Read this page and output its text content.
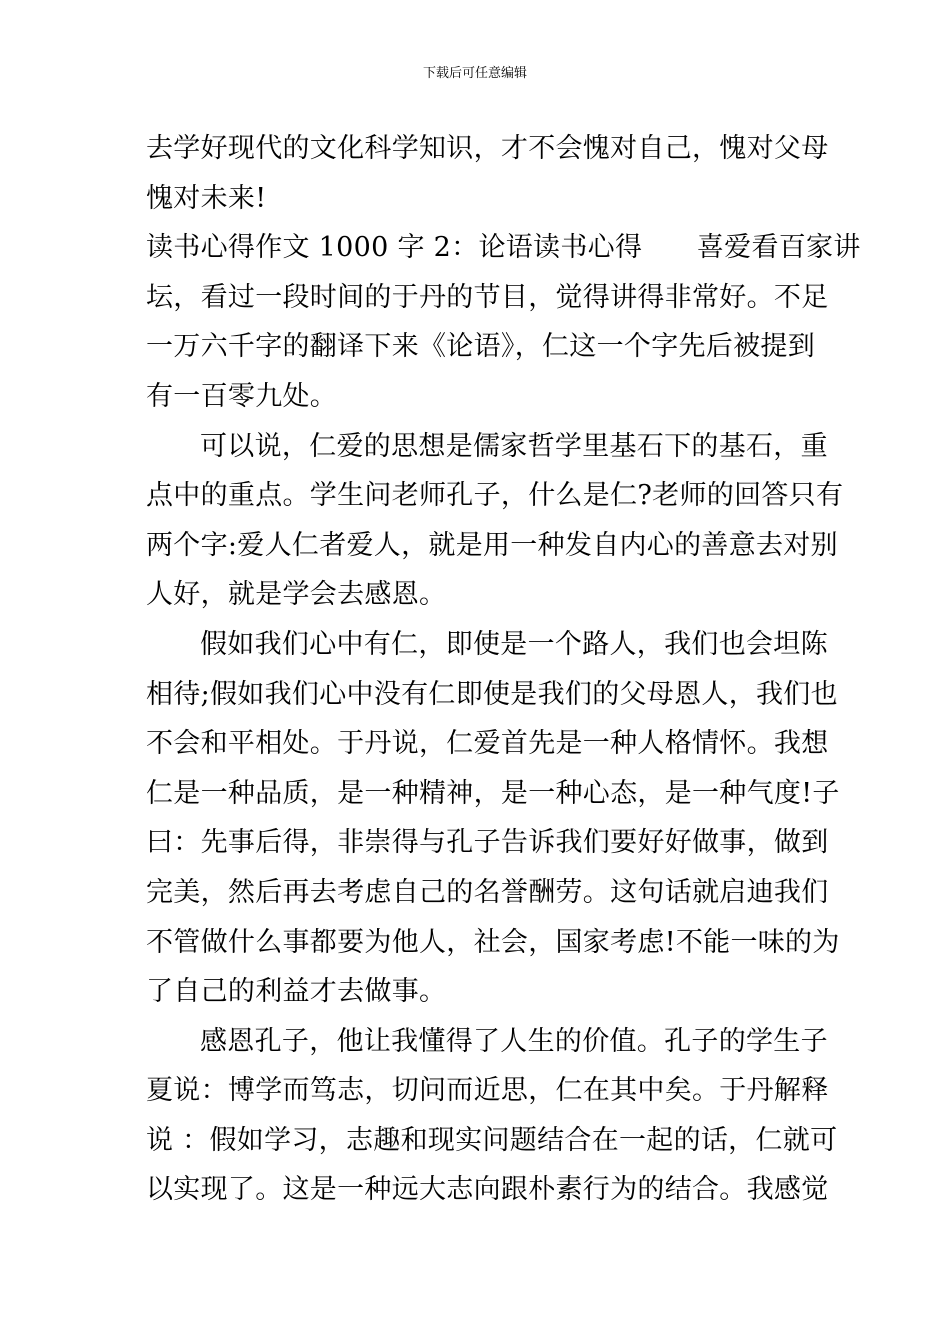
下载后可任意编辑
去学好现代的文化科学知识，才不会愧对自己，愧对父母
愧对未来!
读书心得作文 1000 字 2：论语读书心得　　喜爱看百家讲
坛，看过一段时间的于丹的节目，觉得讲得非常好。不足
一万六千字的翻译下来《论语》，仁这一个字先后被提到
有一百零九处。
可以说，仁爱的思想是儒家哲学里基石下的基石，重
点中的重点。学生问老师孔子，什么是仁?老师的回答只有
两个字:爱人仁者爱人，就是用一种发自内心的善意去对别
人好，就是学会去感恩。
假如我们心中有仁，即使是一个路人，我们也会坦陈
相待;假如我们心中没有仁即使是我们的父母恩人，我们也
不会和平相处。于丹说，仁爱首先是一种人格情怀。我想
仁是一种品质，是一种精神，是一种心态，是一种气度!子
曰：先事后得，非崇得与孔子告诉我们要好好做事，做到
完美，然后再去考虑自己的名誉酬劳。这句话就启迪我们
不管做什么事都要为他人，社会，国家考虑!不能一味的为
了自己的利益才去做事。
感恩孔子，他让我懂得了人生的价值。孔子的学生子
夏说：博学而笃志，切问而近思，仁在其中矣。于丹解释
说 ：假如学习，志趣和现实问题结合在一起的话，仁就可
以实现了。这是一种远大志向跟朴素行为的结合。我感觉
